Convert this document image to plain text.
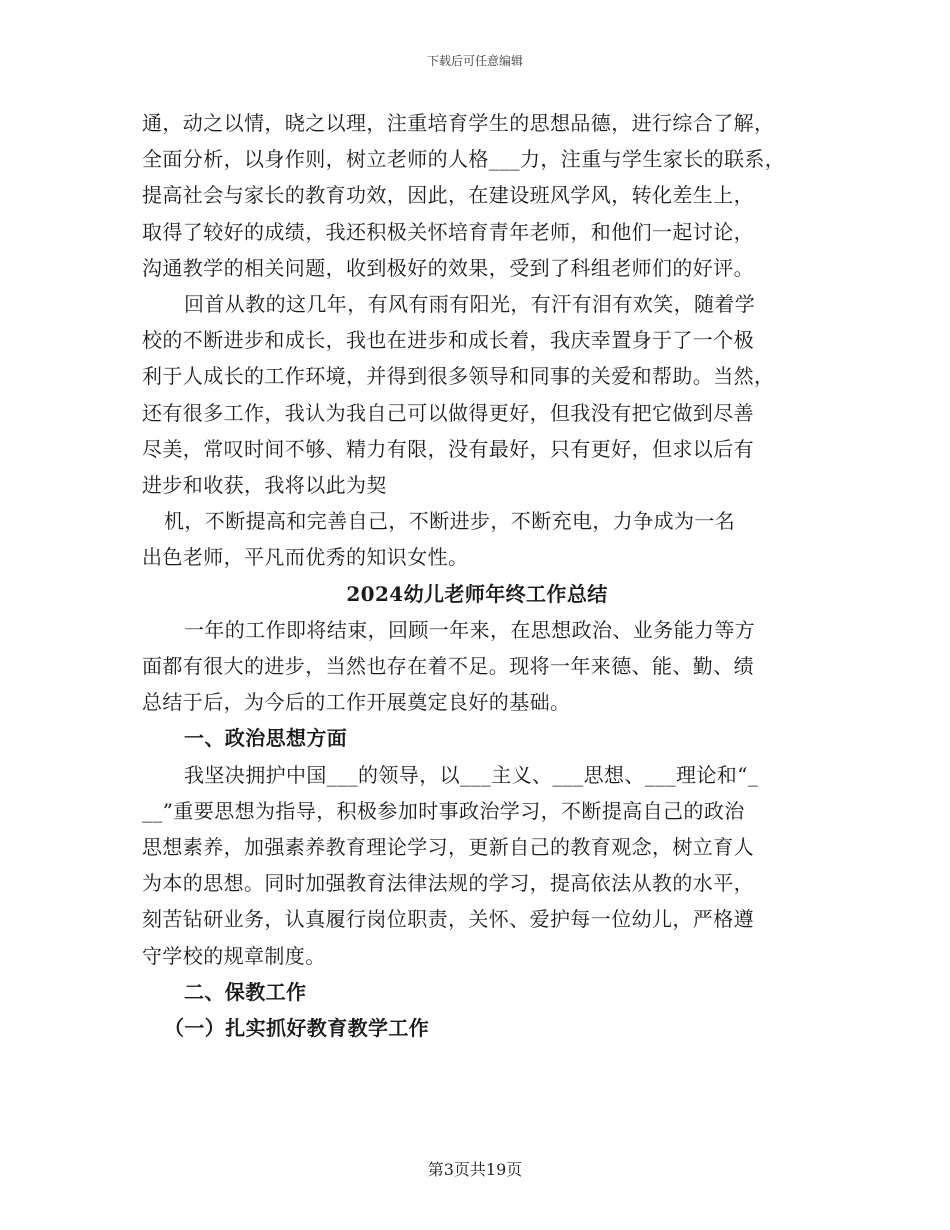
下载后可任意编辑
通，动之以情，晓之以理，注重培育学生的思想品德，进行综合了解，
全面分析，以身作则，树立老师的人格___力，注重与学生家长的联系，
提高社会与家长的教育功效，因此，在建设班风学风，转化差生上，
取得了较好的成绩，我还积极关怀培育青年老师，和他们一起讨论，
沟通教学的相关问题，收到极好的效果，受到了科组老师们的好评。
回首从教的这几年，有风有雨有阳光，有汗有泪有欢笑，随着学
校的不断进步和成长，我也在进步和成长着，我庆幸置身于了一个极
利于人成长的工作环境，并得到很多领导和同事的关爱和帮助。当然，
还有很多工作，我认为我自己可以做得更好，但我没有把它做到尽善
尽美，常叹时间不够、精力有限，没有最好，只有更好，但求以后有
进步和收获，我将以此为契
机，不断提高和完善自己，不断进步，不断充电，力争成为一名
出色老师，平凡而优秀的知识女性。
2024幼儿老师年终工作总结
一年的工作即将结束，回顾一年来，在思想政治、业务能力等方
面都有很大的进步，当然也存在着不足。现将一年来德、能、勤、绩
总结于后，为今后的工作开展奠定良好的基础。
一、政治思想方面
我坚决拥护中国___的领导，以___主义、___思想、___理论和“_
__”重要思想为指导，积极参加时事政治学习，不断提高自己的政治
思想素养，加强素养教育理论学习，更新自己的教育观念，树立育人
为本的思想。同时加强教育法律法规的学习，提高依法从教的水平，
刻苦钻研业务，认真履行岗位职责，关怀、爱护每一位幼儿，严格遵
守学校的规章制度。
二、保教工作
（一）扎实抓好教育教学工作
第3页共19页
